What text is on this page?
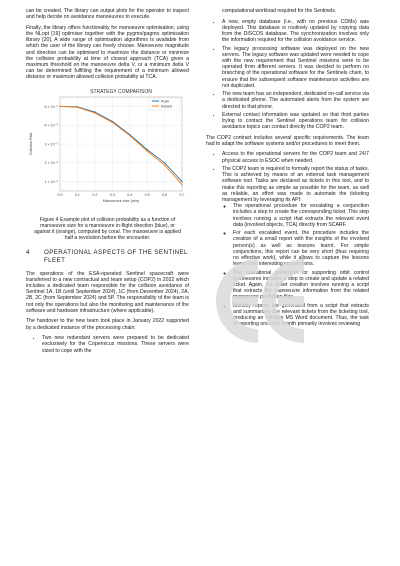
can be created. The library can output plots for the operator to inspect and help decide on avoidance manoeuvres to execute.

Finally, the library offers functionality for manoeuvre optimisation, using the NLopt [19] optimiser together with the pygmo/pagmo optimisation library [20]. A wide range of optimisation algorithms is available from which the user of the library can freely choose. Manoeuvre magnitude and direction can be optimised to maximize the distance or minimize the collision probability at time of closest approach (TCA) given a maximum threshold on the manoeuvre delta V, or a minimum delta V can be determined fulfilling the requirement of a minimum allowed distance or maximum allowed collision probability at TCA.

STRATEGY COMPARISON
1 × 10⁻⁵
2 × 10⁻⁵
3 × 10⁻⁵
4 × 10⁻⁵
5 × 10⁻⁵
0.0	0.1	0.2	0.3	0.4	0.5	0.6	0.7
Manoeuvre size (m/s)
Collision Risk
Push
Retard

Figure 4 Example plot of collision probability as a function of manoeuvre size for a manoeuvre in-flight direction (blue), or against it (orange), computed by coral. The manoeuvre is applied half a revolution before the encounter.

4	OPERATIONAL ASPECTS OF THE SENTINEL FLEET

The operations of the ESA-operated Sentinel spacecraft were transferred to a new contractual and team setup (COP2) in 2022 which includes a dedicated team responsible for the collision avoidance of Sentinel 1A, 1B (until September 2024), 1C (from December 2024), 2A, 2B, 2C (from September 2024) and 5P. The responsibility of the team is not only the operations but also the monitoring and maintenance of the software and hardware infrastructure (where applicable).

The handover to the new team took place in January 2022 supported by a dedicated instance of the processing chain:

• Two new redundant servers were prepared to be dedicated exclusively for the Copernicus missions. These servers were sized to cope with the

computational workload required for the Sentinels.

• A new, empty database (i.e., with no previous CDMs) was deployed. This database is routinely updated by copying data from the DISCOS database. The synchronization involves only the information required for the collision avoidance service.
• The legacy processing software was deployed on the new servers. The legacy software was updated were needed to cope with the new requirement that Sentinel missions were to be operated from different servers. It was decided to perform no branching of the operational software for the Sentinels chain, to ensure that the subsequent software maintenance activities are not duplicated.
• The new team has an independent, dedicated on-call service via a dedicated phone. The automated alerts from the system are directed to that phone.
• External contact information was updated so that third parties trying to contact the Sentinel operations team for collision avoidance topics can contact directly the COP2 team.

The COP2 contract includes several specific requirements. The team had to adapt the software systems and/or procedures to meet them.

• Access to the operational servers for the COP2 team and 24/7 physical access to ESOC when needed.
• The COP2 team is required to formally report the status of tasks. This is achieved by means of an external task management software tool. Tasks are declared as tickets in this tool, and to make this reporting as simple as possible for the team, as well as reliable, an effort was made to automate the ticketing management by leveraging its API:
◦ The operational procedure for escalating a conjunction includes a step to create the corresponding ticket. This step involves running a script that extracts the relevant event data (involved objects, TCA) directly from SCARF.
◦ For each escalated event, the procedure includes the creation of a small report with the insights of the involved person(s) as well as lessons learnt. For simple conjunctions, this report can be very short (thus requiring no effective work), while it allows to capture the lessons learnt from interesting conjunctions.
◦ The operational procedure for supporting orbit control manoeuvres includes a step to create and update a related ticket. Again, the ticket creation involves running a script that extracts the manoeuvre information from the related manoeuvre prediction files.
◦ Monthly reports are generated from a script that extracts and summarizes the relevant tickets from the ticketing tool, producing an editable MS Word document. Thus, the task of reporting once per month primarily involves reviewing
